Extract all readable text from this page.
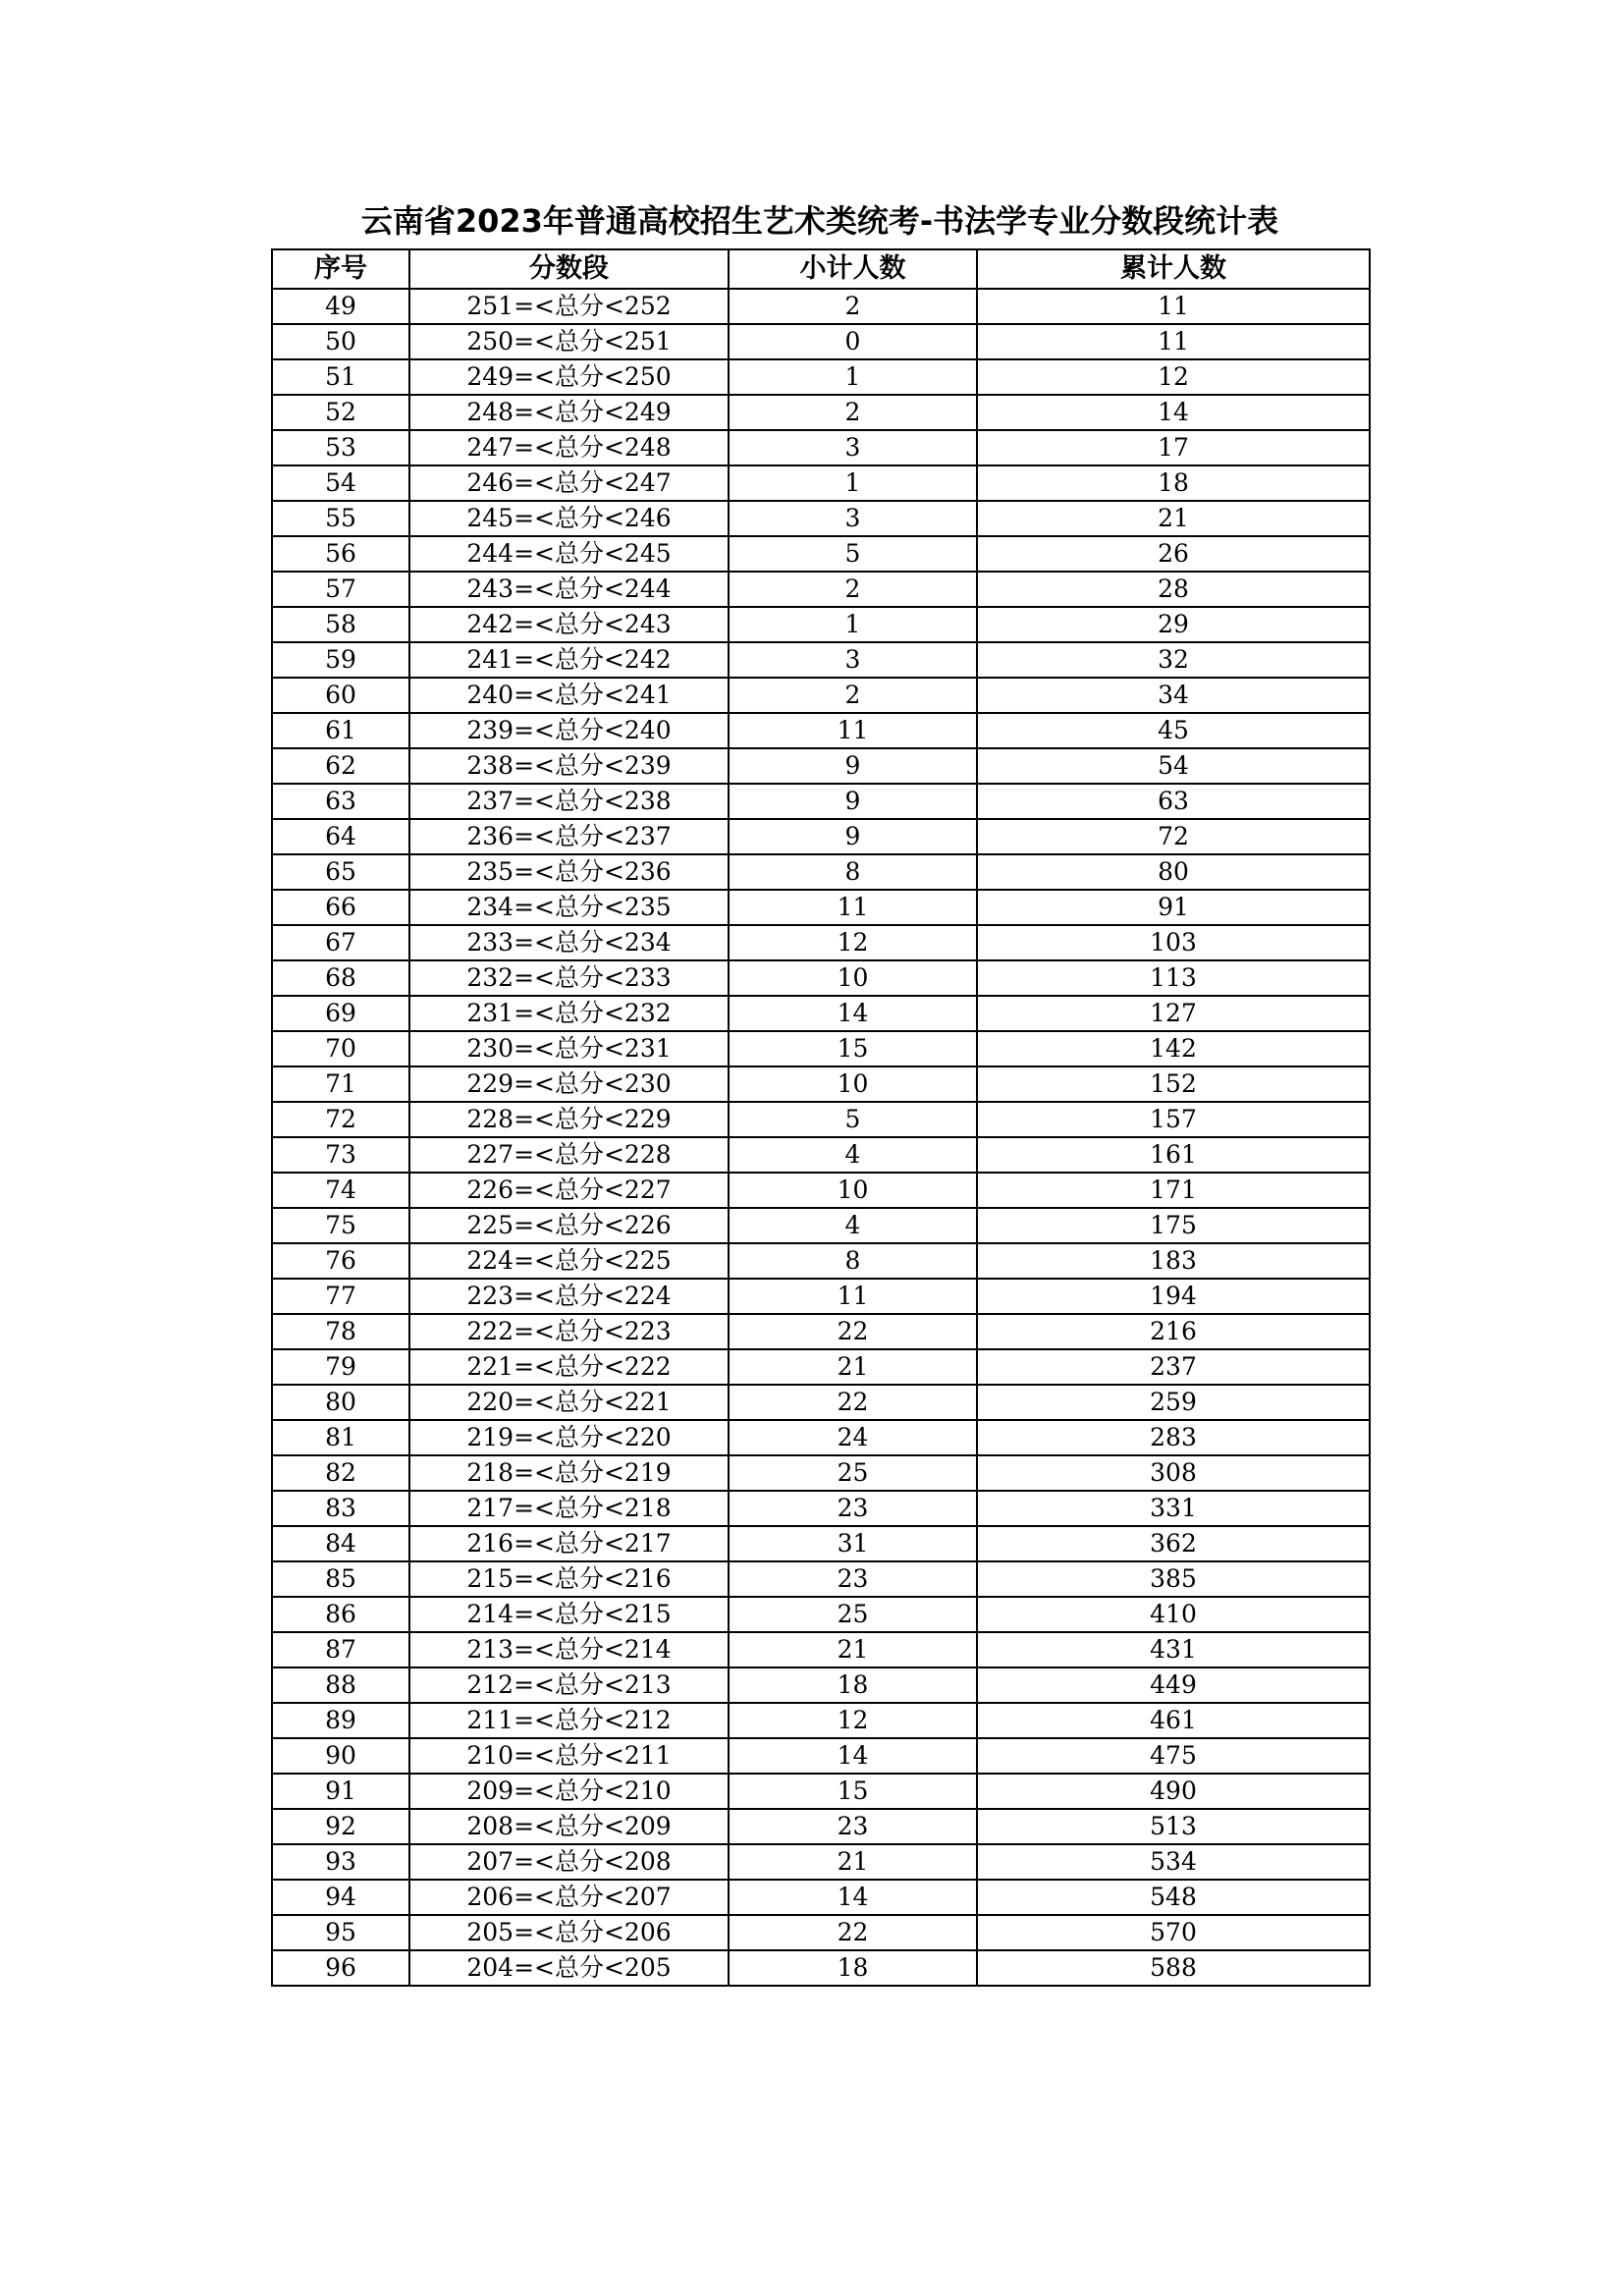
云南省2023年普通高校招生艺术类统考-书法学专业分数段统计表
序号	分数段	小计人数	累计人数
49	251=<总分<252	2	11
50	250=<总分<251	0	11
51	249=<总分<250	1	12
52	248=<总分<249	2	14
53	247=<总分<248	3	17
54	246=<总分<247	1	18
55	245=<总分<246	3	21
56	244=<总分<245	5	26
57	243=<总分<244	2	28
58	242=<总分<243	1	29
59	241=<总分<242	3	32
60	240=<总分<241	2	34
61	239=<总分<240	11	45
62	238=<总分<239	9	54
63	237=<总分<238	9	63
64	236=<总分<237	9	72
65	235=<总分<236	8	80
66	234=<总分<235	11	91
67	233=<总分<234	12	103
68	232=<总分<233	10	113
69	231=<总分<232	14	127
70	230=<总分<231	15	142
71	229=<总分<230	10	152
72	228=<总分<229	5	157
73	227=<总分<228	4	161
74	226=<总分<227	10	171
75	225=<总分<226	4	175
76	224=<总分<225	8	183
77	223=<总分<224	11	194
78	222=<总分<223	22	216
79	221=<总分<222	21	237
80	220=<总分<221	22	259
81	219=<总分<220	24	283
82	218=<总分<219	25	308
83	217=<总分<218	23	331
84	216=<总分<217	31	362
85	215=<总分<216	23	385
86	214=<总分<215	25	410
87	213=<总分<214	21	431
88	212=<总分<213	18	449
89	211=<总分<212	12	461
90	210=<总分<211	14	475
91	209=<总分<210	15	490
92	208=<总分<209	23	513
93	207=<总分<208	21	534
94	206=<总分<207	14	548
95	205=<总分<206	22	570
96	204=<总分<205	18	588
